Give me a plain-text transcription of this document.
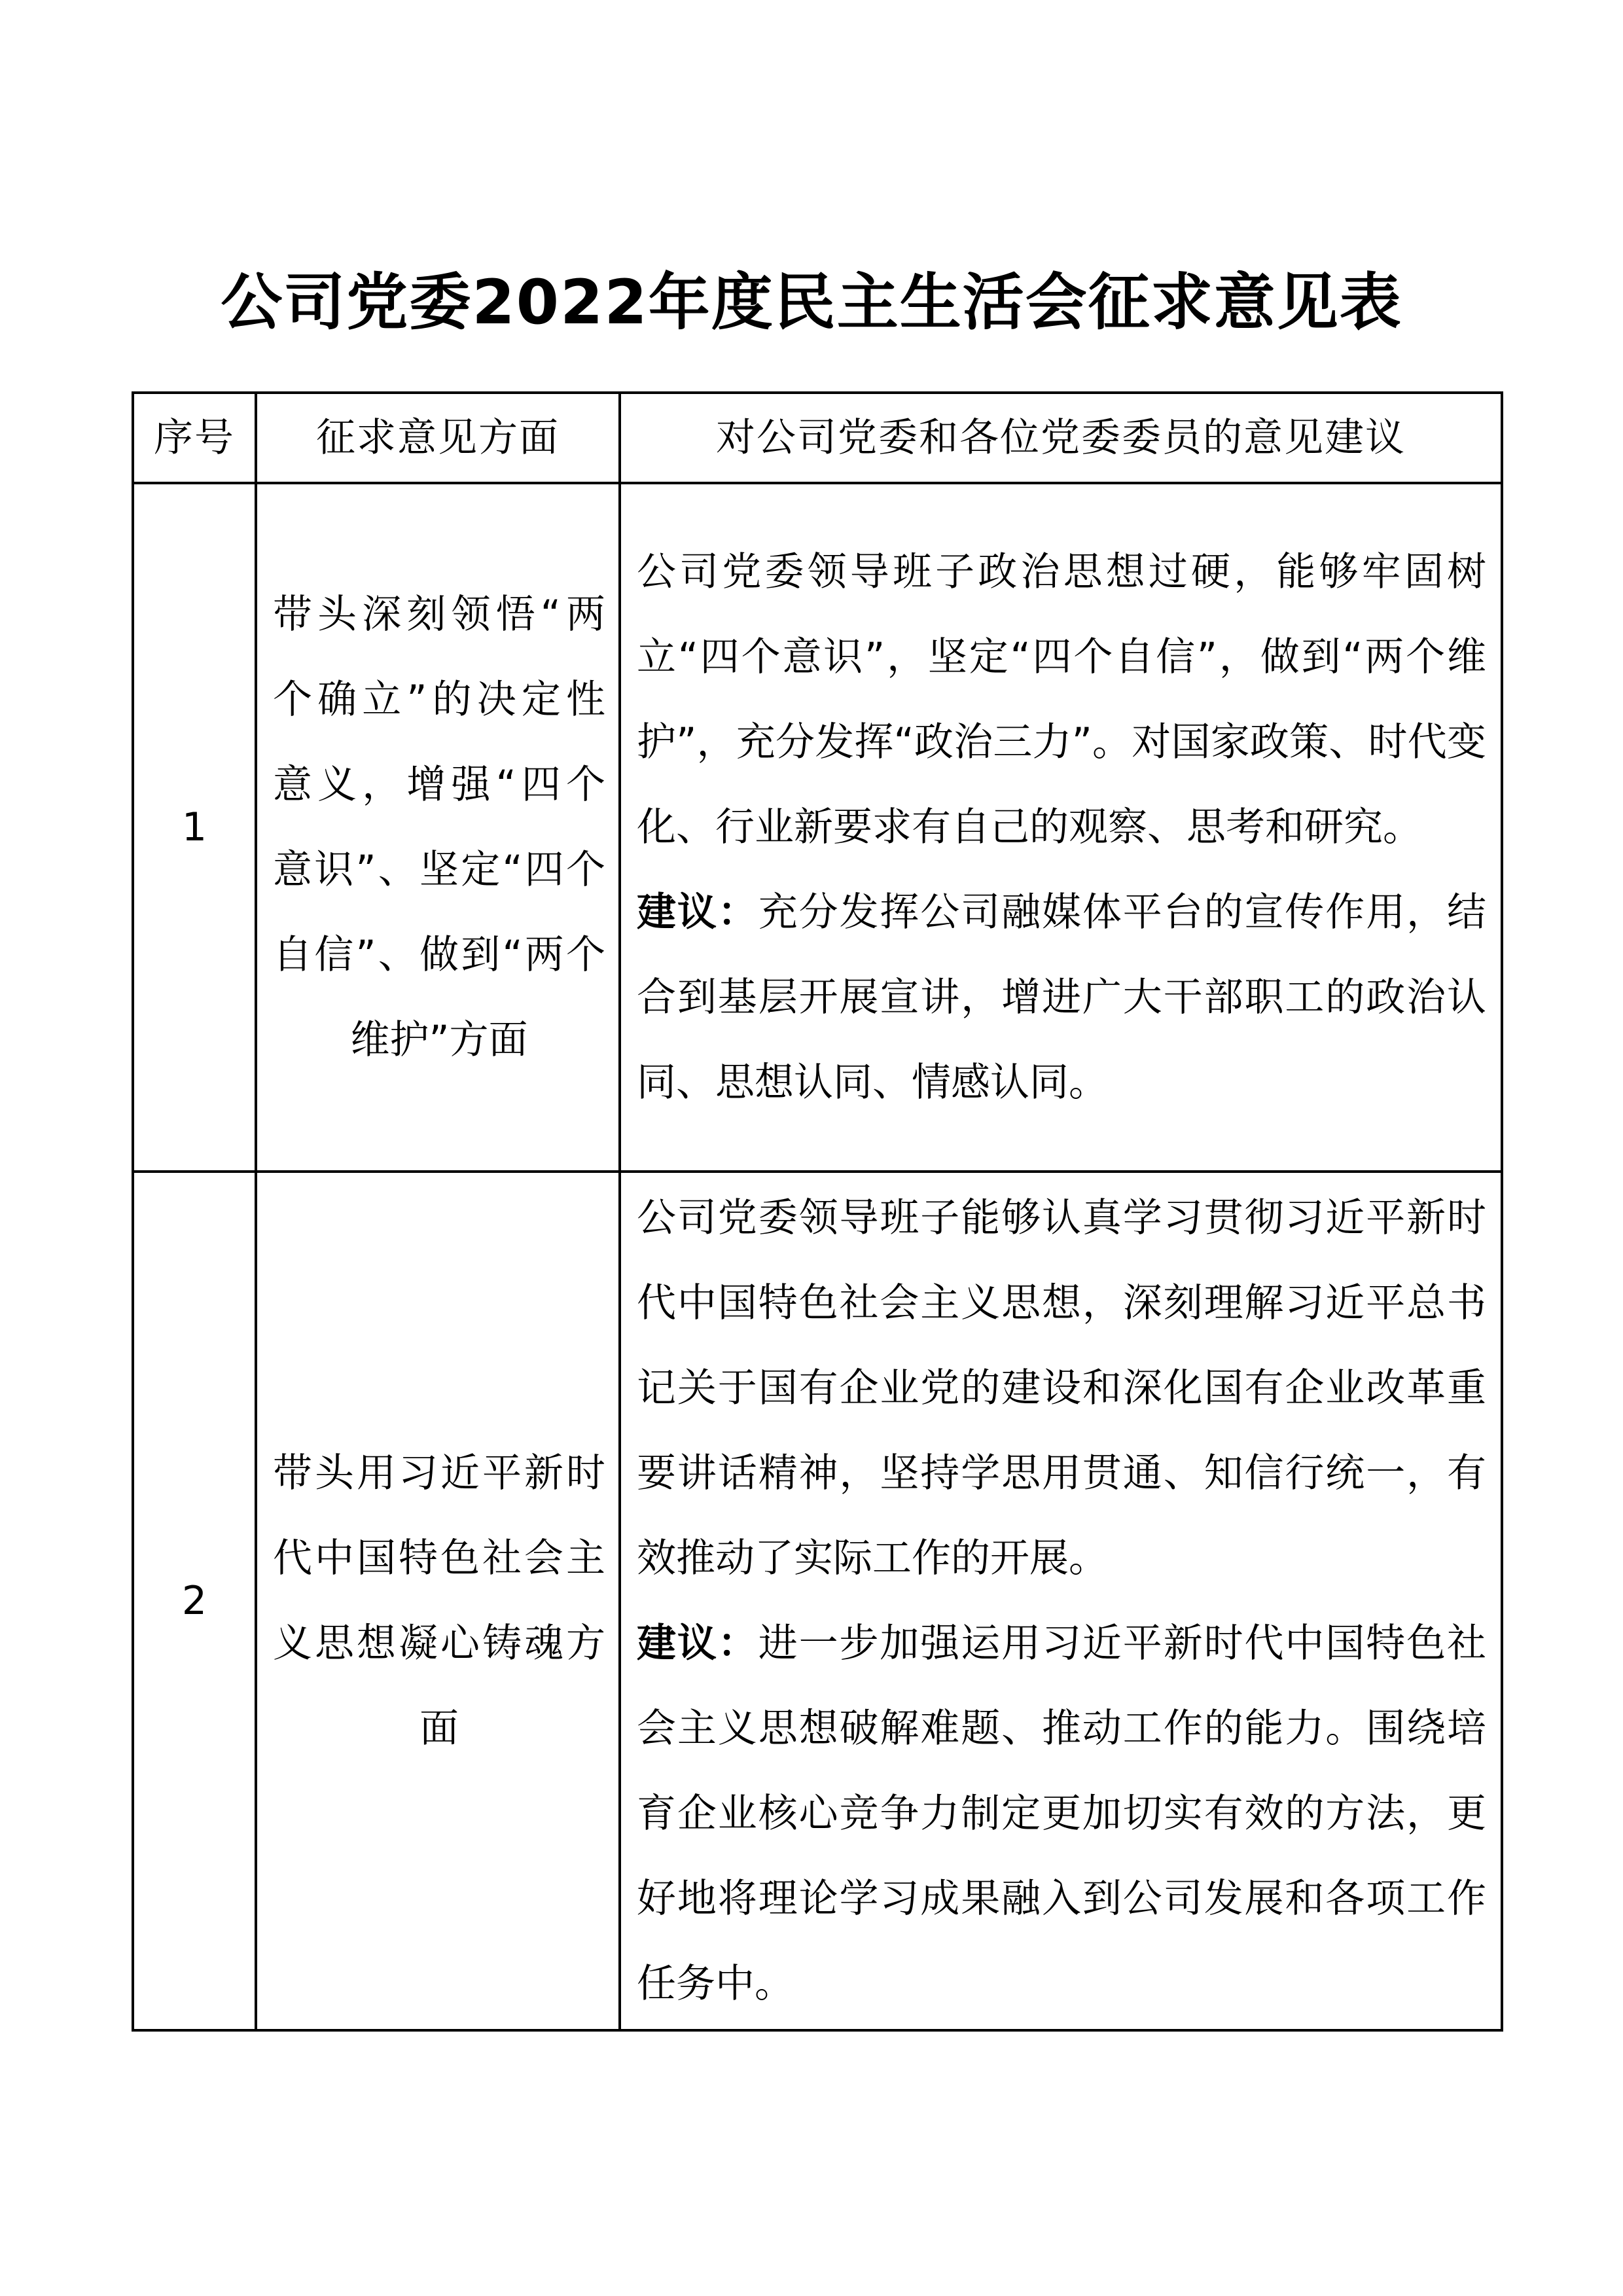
公司党委2022年度民主生活会征求意见表
序号	征求意见方面	对公司党委和各位党委委员的意见建议
1	带头深刻领悟“两个确立”的决定性意义，增强“四个意识”、坚定“四个自信”、做到“两个维护”方面	公司党委领导班子政治思想过硬，能够牢固树立“四个意识”，坚定“四个自信”，做到“两个维护”，充分发挥“政治三力”。对国家政策、时代变化、行业新要求有自己的观察、思考和研究。

建议：充分发挥公司融媒体平台的宣传作用，结合到基层开展宣讲，增进广大干部职工的政治认同、思想认同、情感认同。

2	带头用习近平新时代中国特色社会主义思想凝心铸魂方面	公司党委领导班子能够认真学习贯彻习近平新时代中国特色社会主义思想，深刻理解习近平总书记关于国有企业党的建设和深化国有企业改革重要讲话精神，坚持学思用贯通、知信行统一，有效推动了实际工作的开展。

建议：进一步加强运用习近平新时代中国特色社会主义思想破解难题、推动工作的能力。围绕培育企业核心竞争力制定更加切实有效的方法，更好地将理论学习成果融入到公司发展和各项工作任务中。
